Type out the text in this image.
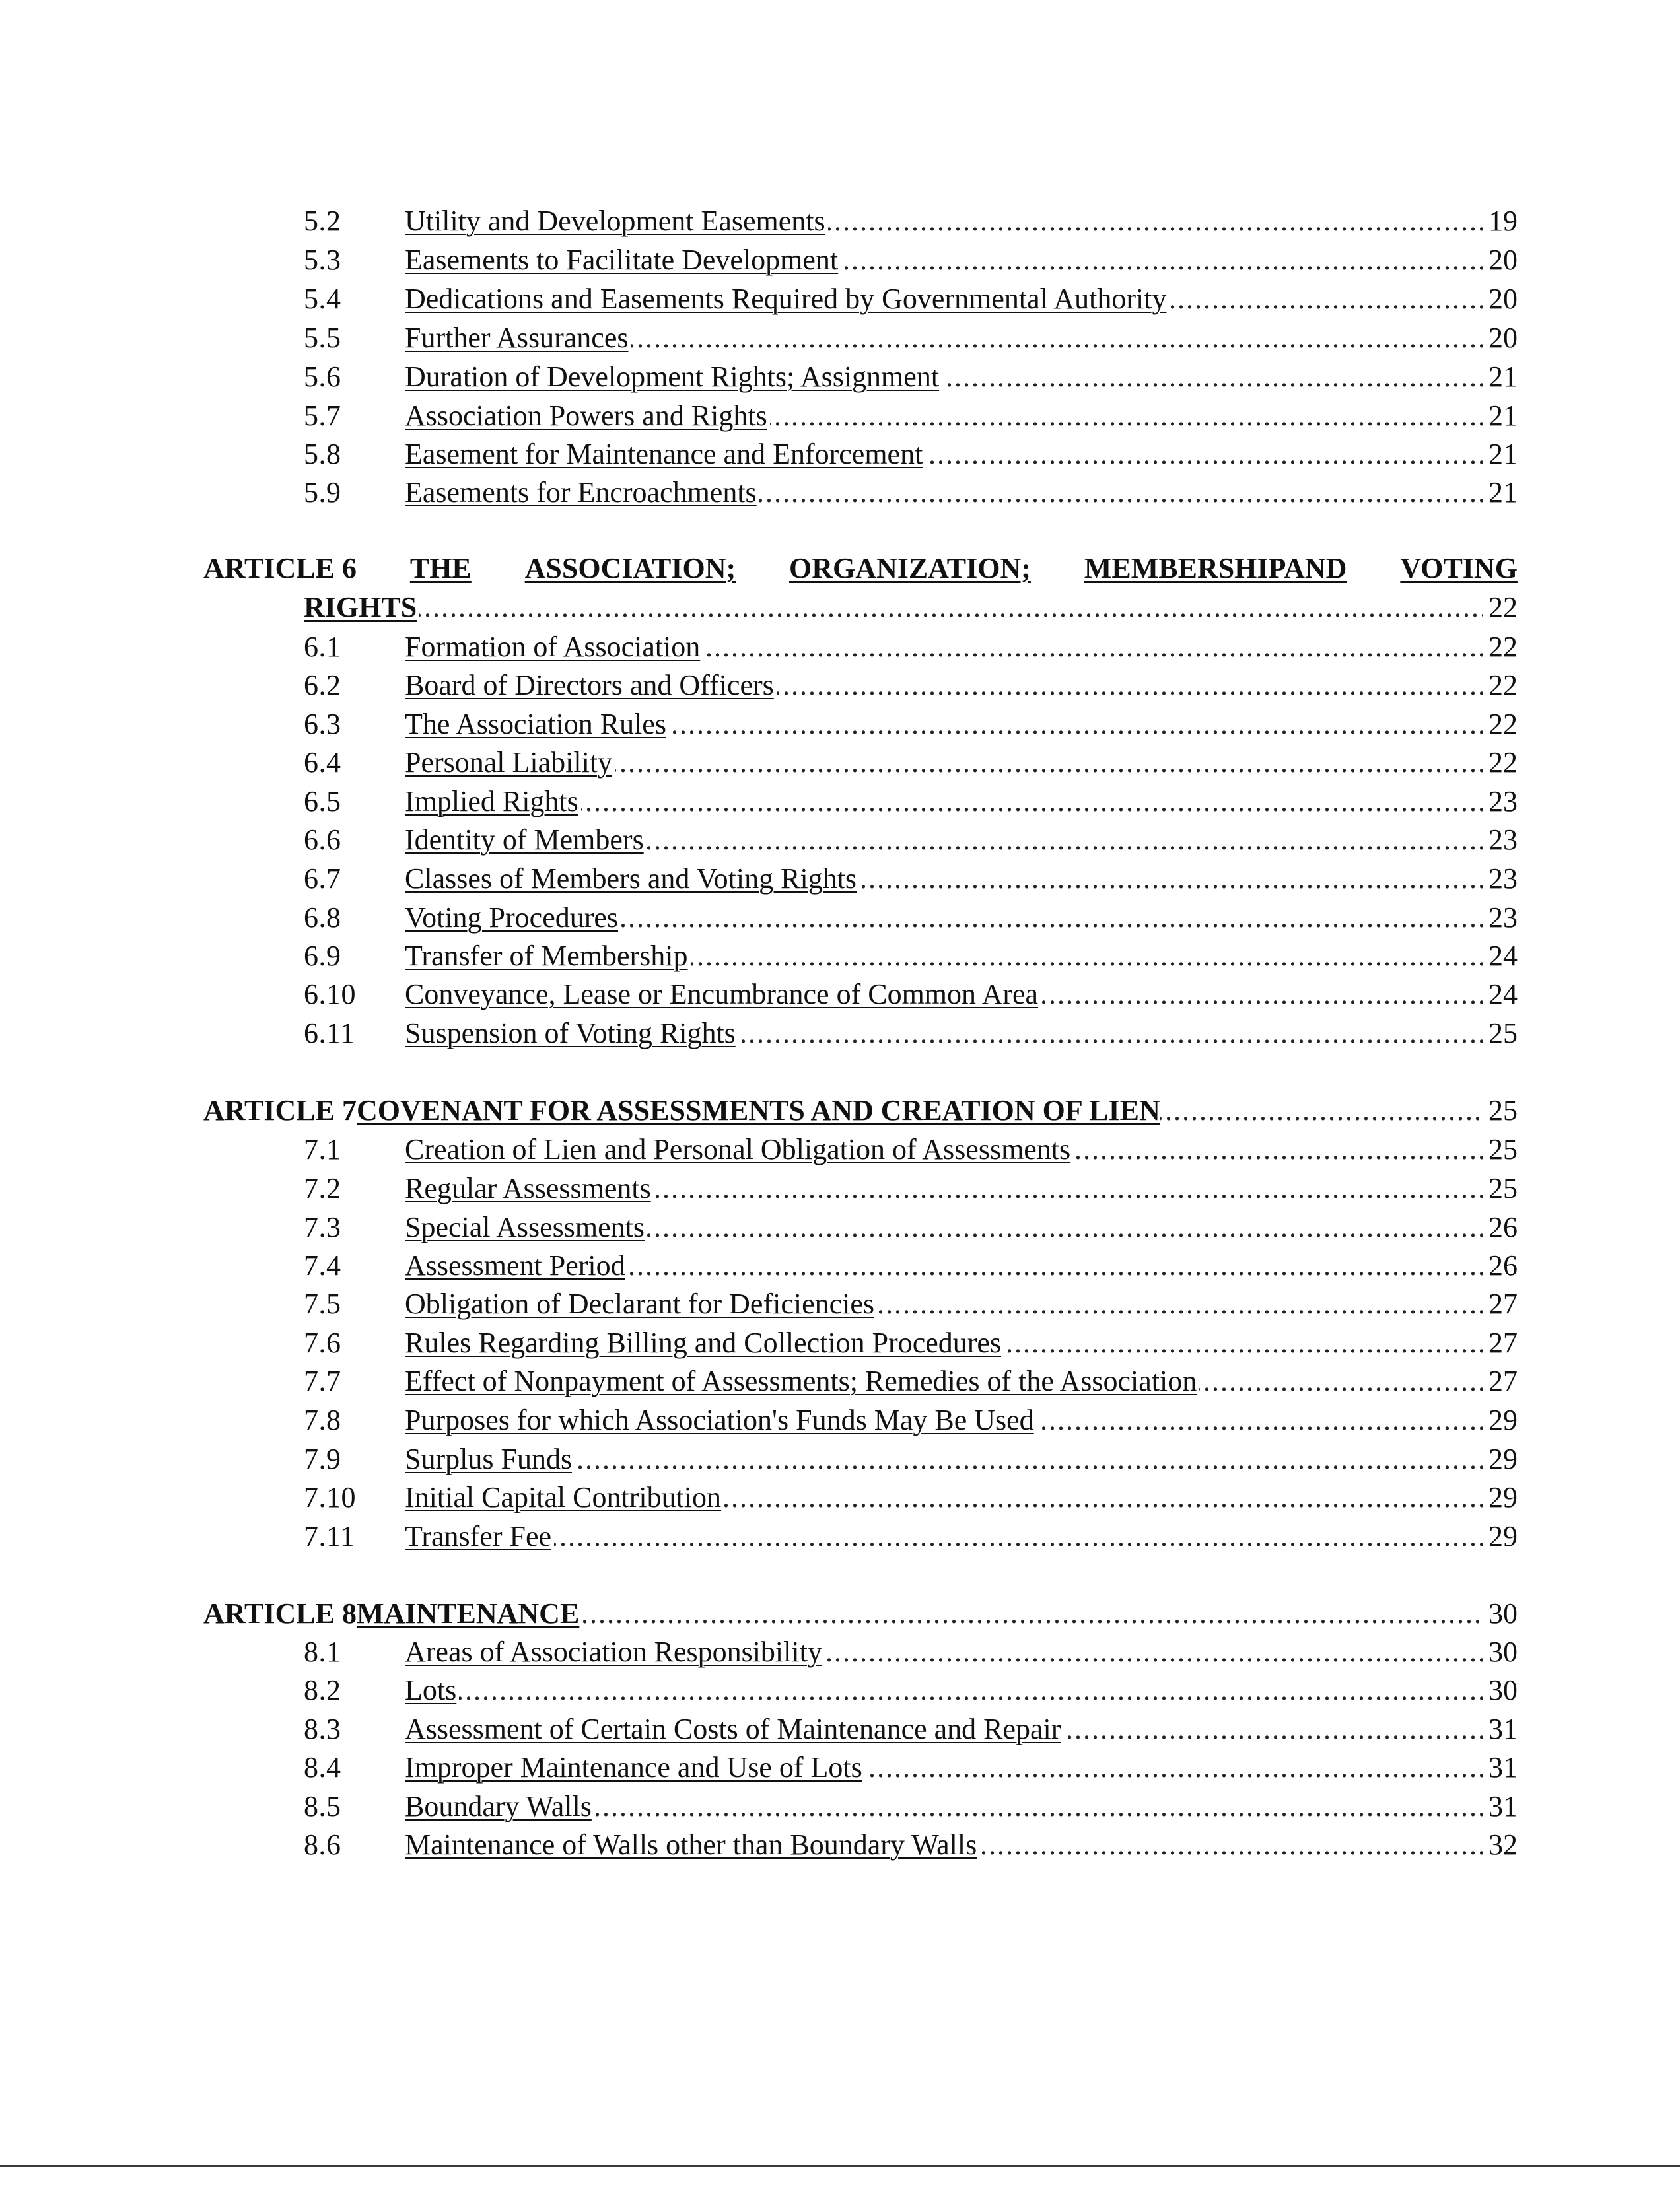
5.2 ..... Utility and Development Easements	19
5.3 ..... Easements to Facilitate Development	20
5.4 ..... Dedications and Easements Required by Governmental Authority	20
5.5 ..... Further Assurances	20
5.6 ..... Duration of Development Rights; Assignment	21
5.7 ..... Association Powers and Rights	21
5.8 ..... Easement for Maintenance and Enforcement	21
5.9 ..... Easements for Encroachments	21
ARTICLE 6 THE ASSOCIATION; ORGANIZATION; MEMBERSHIPAND VOTING
.....
RIGHTS	22
6.1 ..... Formation of Association	22
6.2 ..... Board of Directors and Officers	22
6.3 ..... The Association Rules	22
6.4 ..... Personal Liability	22
6.5 ..... Implied Rights	23
6.6 ..... Identity of Members	23
6.7 ..... Classes of Members and Voting Rights	23
6.8 ..... Voting Procedures	23
6.9 ..... Transfer of Membership	24
6.10 ..... Conveyance, Lease or Encumbrance of Common Area	24
6.11 ..... Suspension of Voting Rights	25
.....
ARTICLE 7COVENANT FOR ASSESSMENTS AND CREATION OF LIEN	25
7.1 ..... Creation of Lien and Personal Obligation of Assessments	25
7.2 ..... Regular Assessments	25
7.3 ..... Special Assessments	26
7.4 ..... Assessment Period	26
7.5 ..... Obligation of Declarant for Deficiencies	27
7.6 ..... Rules Regarding Billing and Collection Procedures	27
7.7 ..... Effect of Nonpayment of Assessments; Remedies of the Association	27
7.8 ..... Purposes for which Association's Funds May Be Used	29
7.9 ..... Surplus Funds	29
7.10 ..... Initial Capital Contribution	29
7.11 ..... Transfer Fee	29
.....
ARTICLE 8MAINTENANCE	30
8.1 ..... Areas of Association Responsibility	30
8.2 ..... Lots	30
8.3 ..... Assessment of Certain Costs of Maintenance and Repair	31
8.4 ..... Improper Maintenance and Use of Lots	31
8.5 ..... Boundary Walls	31
8.6 ..... Maintenance of Walls other than Boundary Walls	32
